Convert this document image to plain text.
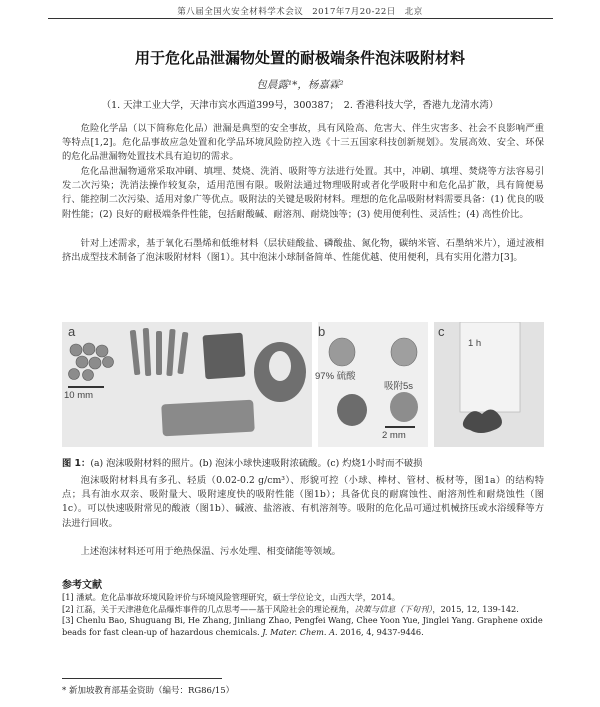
第八届全国火安全材料学术会议　2017年7月20-22日　北京
用于危化品泄漏物处置的耐极端条件泡沫吸附材料
包晨露¹*，杨嘉霖²
（1. 天津工业大学，天津市宾水西道399号，300387；　2. 香港科技大学，香港九龙清水湾）

危险化学品（以下简称危化品）泄漏是典型的安全事故，具有风险高、危害大、伴生灾害多、社会不良影响严重等特点[1,2]。危化品事故应急处置和化学品环境风险防控入选《十三五国家科技创新规划》。发展高效、安全、环保的危化品泄漏物处置技术具有迫切的需求。

危化品泄漏物通常采取冲刷、填埋、焚烧、洗消、吸附等方法进行处置。其中，冲刷、填埋、焚烧等方法容易引发二次污染；洗消法操作较复杂，适用范围有限。吸附法通过物理吸附或者化学吸附中和危化品扩散，具有简便易行、能控制二次污染、适用对象广等优点。吸附法的关键是吸附材料。理想的危化品吸附材料需要具备：(1) 优良的吸附性能；(2) 良好的耐极端条件性能，包括耐酸碱、耐溶剂、耐烧蚀等；(3) 使用便利性、灵活性；(4) 高性价比。

针对上述需求，基于氧化石墨烯和低维材料（层状硅酸盐、磷酸盐、氮化物，碳纳米管、石墨纳米片），通过液相挤出成型技术制备了泡沫吸附材料（图1）。其中泡沫小球制备简单、性能优越、使用便利，具有实用化潜力[3]。

a	b	c
10 mm
97% 硫酸
吸附5s
2 mm
1 h
图 1：(a) 泡沫吸附材料的照片。(b) 泡沫小球快速吸附浓硫酸。(c) 灼烧1小时而不破损

泡沫吸附材料具有多孔、轻质（0.02-0.2 g/cm³）、形貌可控（小球、棒材、管材、板材等，图1a）的结构特点；具有油水双亲、吸附量大、吸附速度快的吸附性能（图1b）；具备优良的耐腐蚀性、耐溶剂性和耐烧蚀性（图1c）。可以快速吸附常见的酸液（图1b）、碱液、盐溶液、有机溶剂等。吸附的危化品可通过机械挤压或水浴缓释等方法进行回收。

上述泡沫材料还可用于绝热保温、污水处理、相变储能等领域。

参考文献
[1] 潘斌。危化品事故环境风险评价与环境风险管理研究，硕士学位论文，山西大学，2014。
[2] 江磊，关于天津港危化品爆炸事件的几点思考——基于风险社会的理论视角，决策与信息（下旬刊），2015, 12, 139-142.
[3] Chenlu Bao, Shuguang Bi, He Zhang, Jinliang Zhao, Pengfei Wang, Chee Yoon Yue, Jinglei Yang. Graphene oxide beads for fast clean-up of hazardous chemicals. J. Mater. Chem. A. 2016, 4, 9437-9446.
* 新加坡教育部基金资助（编号：RG86/15）
